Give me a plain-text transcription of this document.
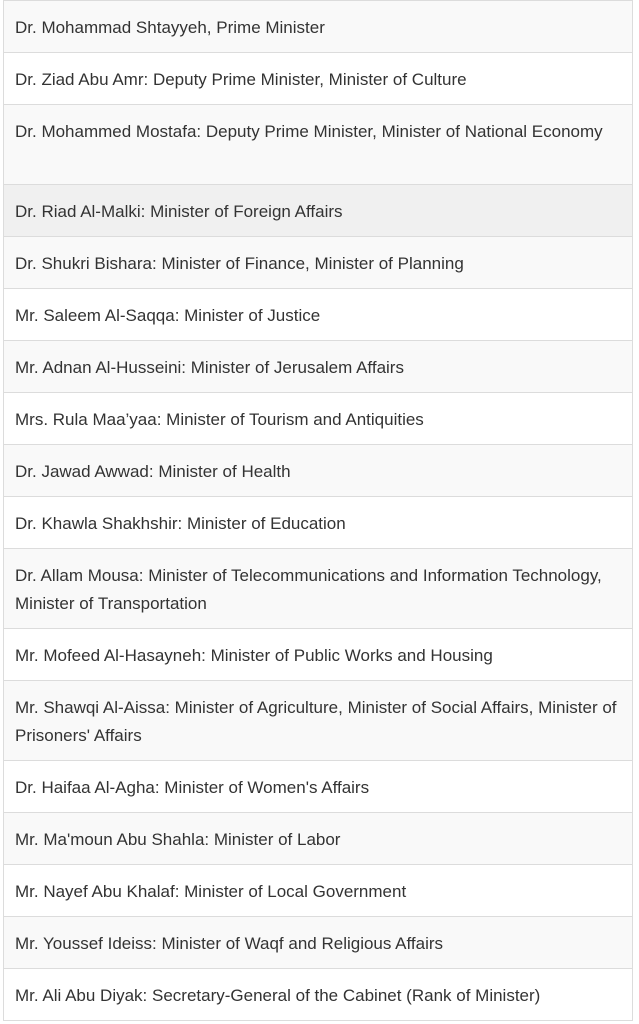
Dr. Mohammad Shtayyeh, Prime Minister
Dr. Ziad Abu Amr: Deputy Prime Minister, Minister of Culture
Dr. Mohammed Mostafa: Deputy Prime Minister, Minister of National Economy
Dr. Riad Al-Malki: Minister of Foreign Affairs
Dr. Shukri Bishara: Minister of Finance, Minister of Planning
Mr. Saleem Al-Saqqa: Minister of Justice
Mr. Adnan Al-Husseini: Minister of Jerusalem Affairs
Mrs. Rula Maa’yaa: Minister of Tourism and Antiquities
Dr. Jawad Awwad: Minister of Health
Dr. Khawla Shakhshir: Minister of Education
Dr. Allam Mousa: Minister of Telecommunications and Information Technology, Minister of Transportation
Mr. Mofeed Al-Hasayneh: Minister of Public Works and Housing
Mr. Shawqi Al-Aissa: Minister of Agriculture, Minister of Social Affairs, Minister of Prisoners' Affairs
Dr. Haifaa Al-Agha: Minister of Women's Affairs
Mr. Ma'moun Abu Shahla: Minister of Labor
Mr. Nayef Abu Khalaf: Minister of Local Government
Mr. Youssef Ideiss: Minister of Waqf and Religious Affairs
Mr. Ali Abu Diyak: Secretary-General of the Cabinet (Rank of Minister)
